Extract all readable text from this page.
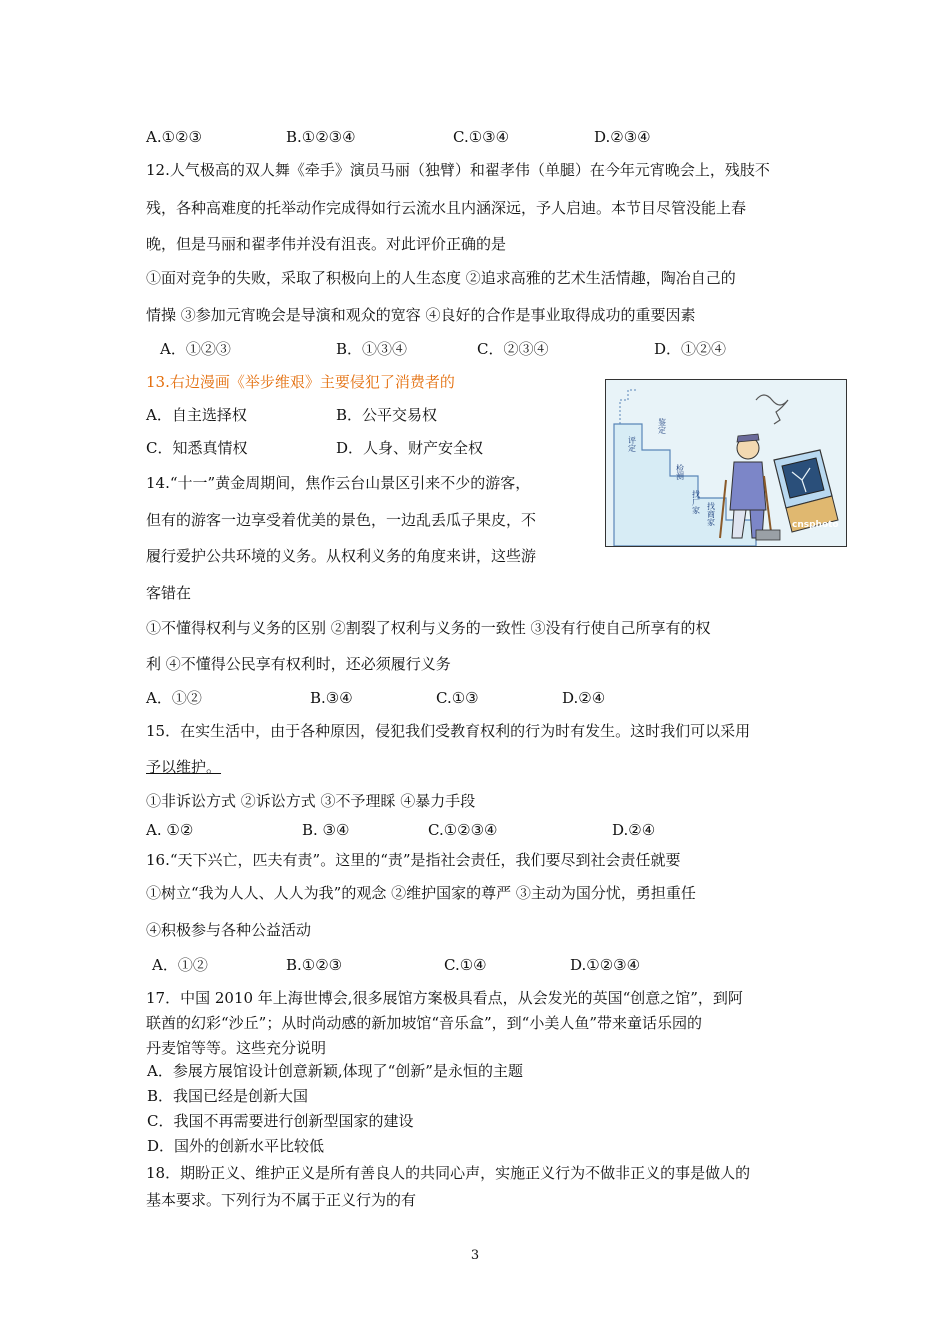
A.①②③	B.①②③④	C.①③④	D.②③④
12.人气极高的双人舞《牵手》演员马丽（独臂）和翟孝伟（单腿）在今年元宵晚会上，残肢不
残，各种高难度的托举动作完成得如行云流水且内涵深远，予人启迪。本节目尽管没能上春
晚，但是马丽和翟孝伟并没有沮丧。对此评价正确的是
①面对竞争的失败，采取了积极向上的人生态度 ②追求高雅的艺术生活情趣，陶冶自己的
情操 ③参加元宵晚会是导演和观众的宽容 ④良好的合作是事业取得成功的重要因素
A．①②③	B．①③④	C．②③④	D．①②④
13.右边漫画《举步维艰》主要侵犯了消费者的
A．自主选择权	B．公平交易权
C．知悉真情权	D．人身、财产安全权	评定
鉴定
检测
找厂家 找商家	cnsphoto
14.“十一”黄金周期间，焦作云台山景区引来不少的游客，
但有的游客一边享受着优美的景色，一边乱丢瓜子果皮，不
履行爱护公共环境的义务。从权利义务的角度来讲，这些游
客错在
①不懂得权利与义务的区别 ②割裂了权利与义务的一致性 ③没有行使自己所享有的权
利 ④不懂得公民享有权利时，还必须履行义务
A．①②	B.③④	C.①③	D.②④
15．在实生活中，由于各种原因，侵犯我们受教育权利的行为时有发生。这时我们可以采用
予以维护。
①非诉讼方式 ②诉讼方式 ③不予理睬 ④暴力手段
A. ①②	B. ③④	C.①②③④	D.②④
16.“天下兴亡，匹夫有责”。这里的“责”是指社会责任，我们要尽到社会责任就要
①树立“我为人人、人人为我”的观念 ②维护国家的尊严 ③主动为国分忧，勇担重任
④积极参与各种公益活动
A．①②	B.①②③	C.①④	D.①②③④
17．中国 2010 年上海世博会,很多展馆方案极具看点，从会发光的英国“创意之馆”，到阿
联酋的幻彩“沙丘”；从时尚动感的新加坡馆“音乐盒”，到“小美人鱼”带来童话乐园的
丹麦馆等等。这些充分说明
A．参展方展馆设计创意新颖,体现了“创新”是永恒的主题
B．我国已经是创新大国
C．我国不再需要进行创新型国家的建设
D．国外的创新水平比较低
18．期盼正义、维护正义是所有善良人的共同心声，实施正义行为不做非正义的事是做人的
基本要求。下列行为不属于正义行为的有
3
